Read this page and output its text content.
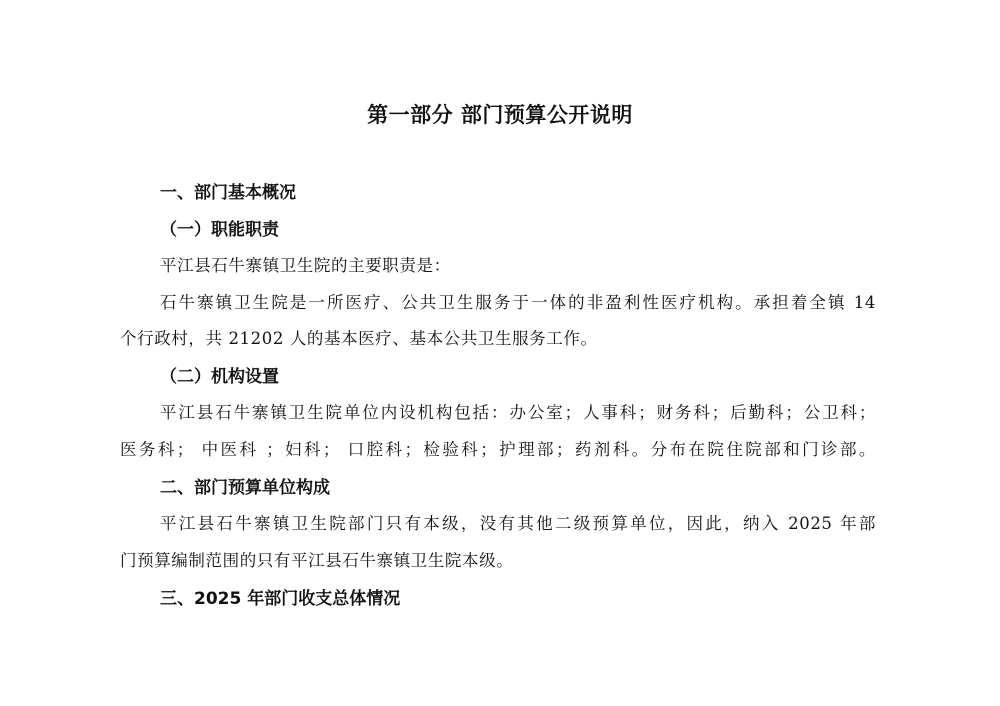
第一部分 部门预算公开说明
一、部门基本概况
（一）职能职责
平江县石牛寨镇卫生院的主要职责是：
石牛寨镇卫生院是一所医疗、公共卫生服务于一体的非盈利性医疗机构。承担着全镇 14
个行政村，共 21202 人的基本医疗、基本公共卫生服务工作。
（二）机构设置
平江县石牛寨镇卫生院单位内设机构包括：办公室；人事科；财务科；后勤科；公卫科；
医务科； 中医科 ；妇科； 口腔科；检验科；护理部；药剂科。分布在院住院部和门诊部。
二、部门预算单位构成
平江县石牛寨镇卫生院部门只有本级，没有其他二级预算单位，因此，纳入 2025 年部
门预算编制范围的只有平江县石牛寨镇卫生院本级。
三、2025 年部门收支总体情况
